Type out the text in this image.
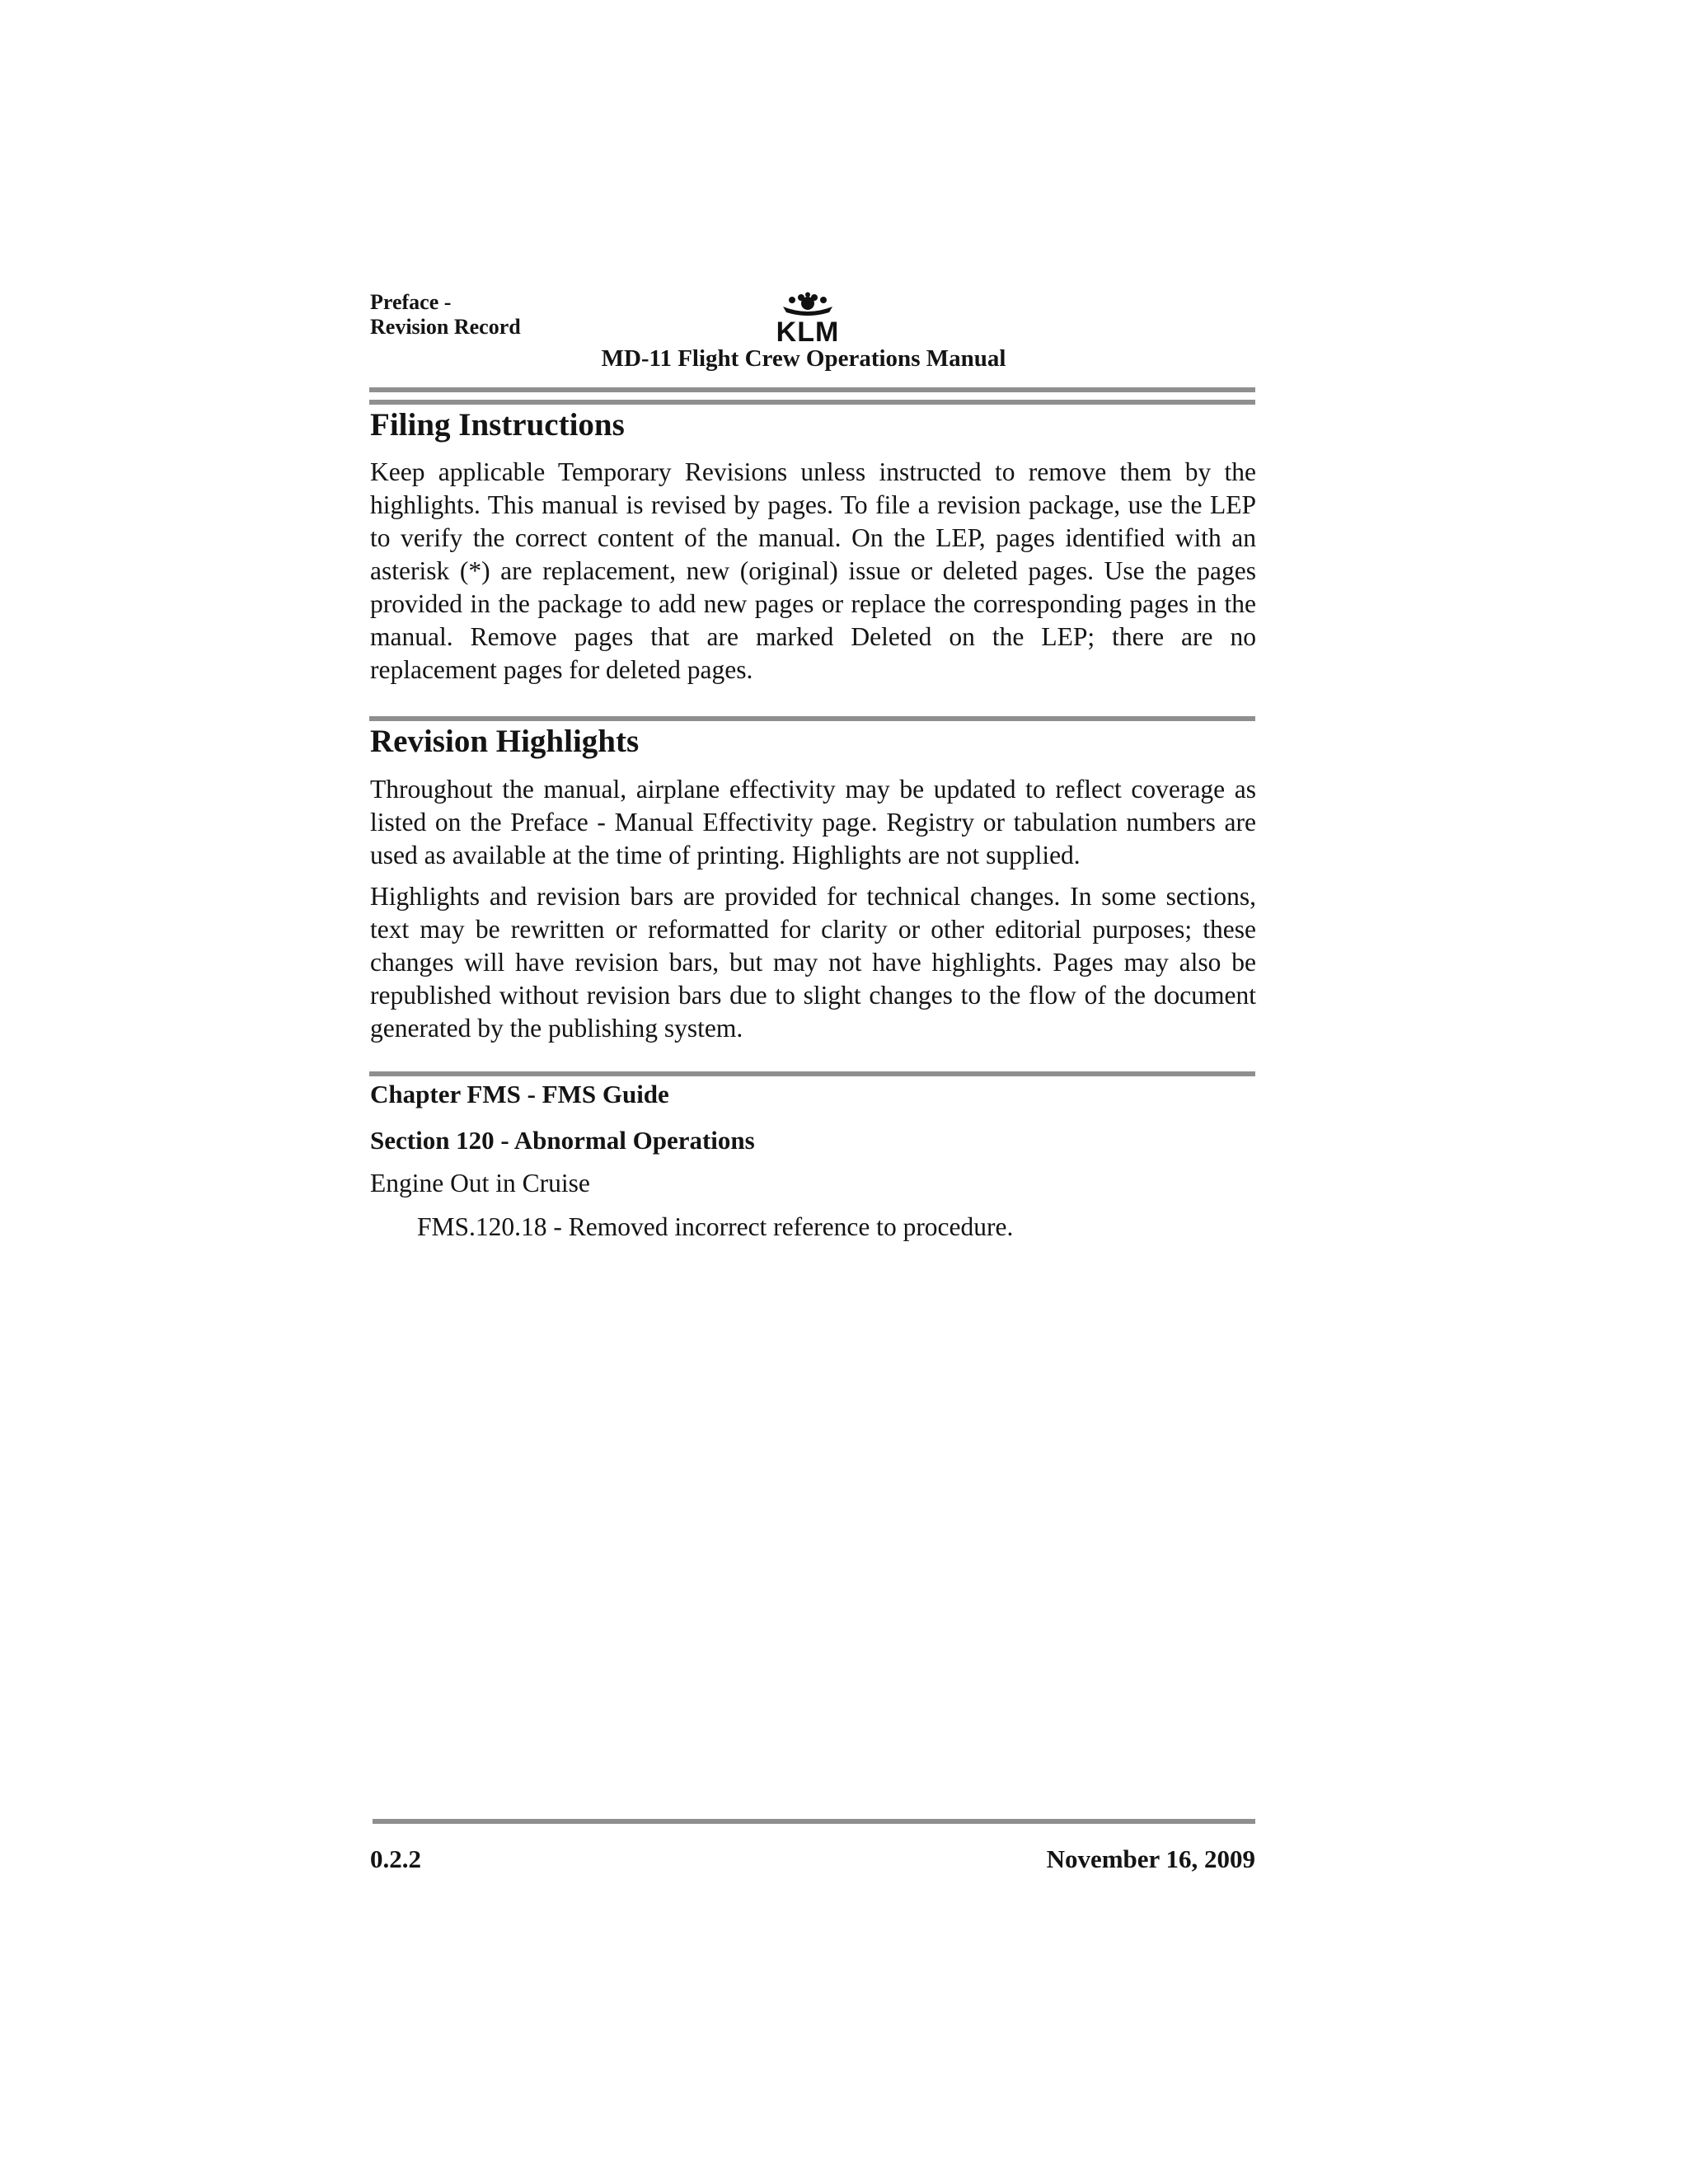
Preface -
Revision Record	KLM
MD-11 Flight Crew Operations Manual
Filing Instructions
Keep applicable Temporary Revisions unless instructed to remove them by the highlights. This manual is revised by pages. To file a revision package, use the LEP to verify the correct content of the manual. On the LEP, pages identified with an asterisk (*) are replacement, new (original) issue or deleted pages. Use the pages provided in the package to add new pages or replace the corresponding pages in the manual. Remove pages that are marked Deleted on the LEP; there are no replacement pages for deleted pages.
Revision Highlights
Throughout the manual, airplane effectivity may be updated to reflect coverage as listed on the Preface - Manual Effectivity page. Registry or tabulation numbers are used as available at the time of printing. Highlights are not supplied.
Highlights and revision bars are provided for technical changes. In some sections, text may be rewritten or reformatted for clarity or other editorial purposes; these changes will have revision bars, but may not have highlights. Pages may also be republished without revision bars due to slight changes to the flow of the document generated by the publishing system.
Chapter FMS - FMS Guide
Section 120 - Abnormal Operations
Engine Out in Cruise
FMS.120.18 - Removed incorrect reference to procedure.
0.2.2	November 16, 2009
